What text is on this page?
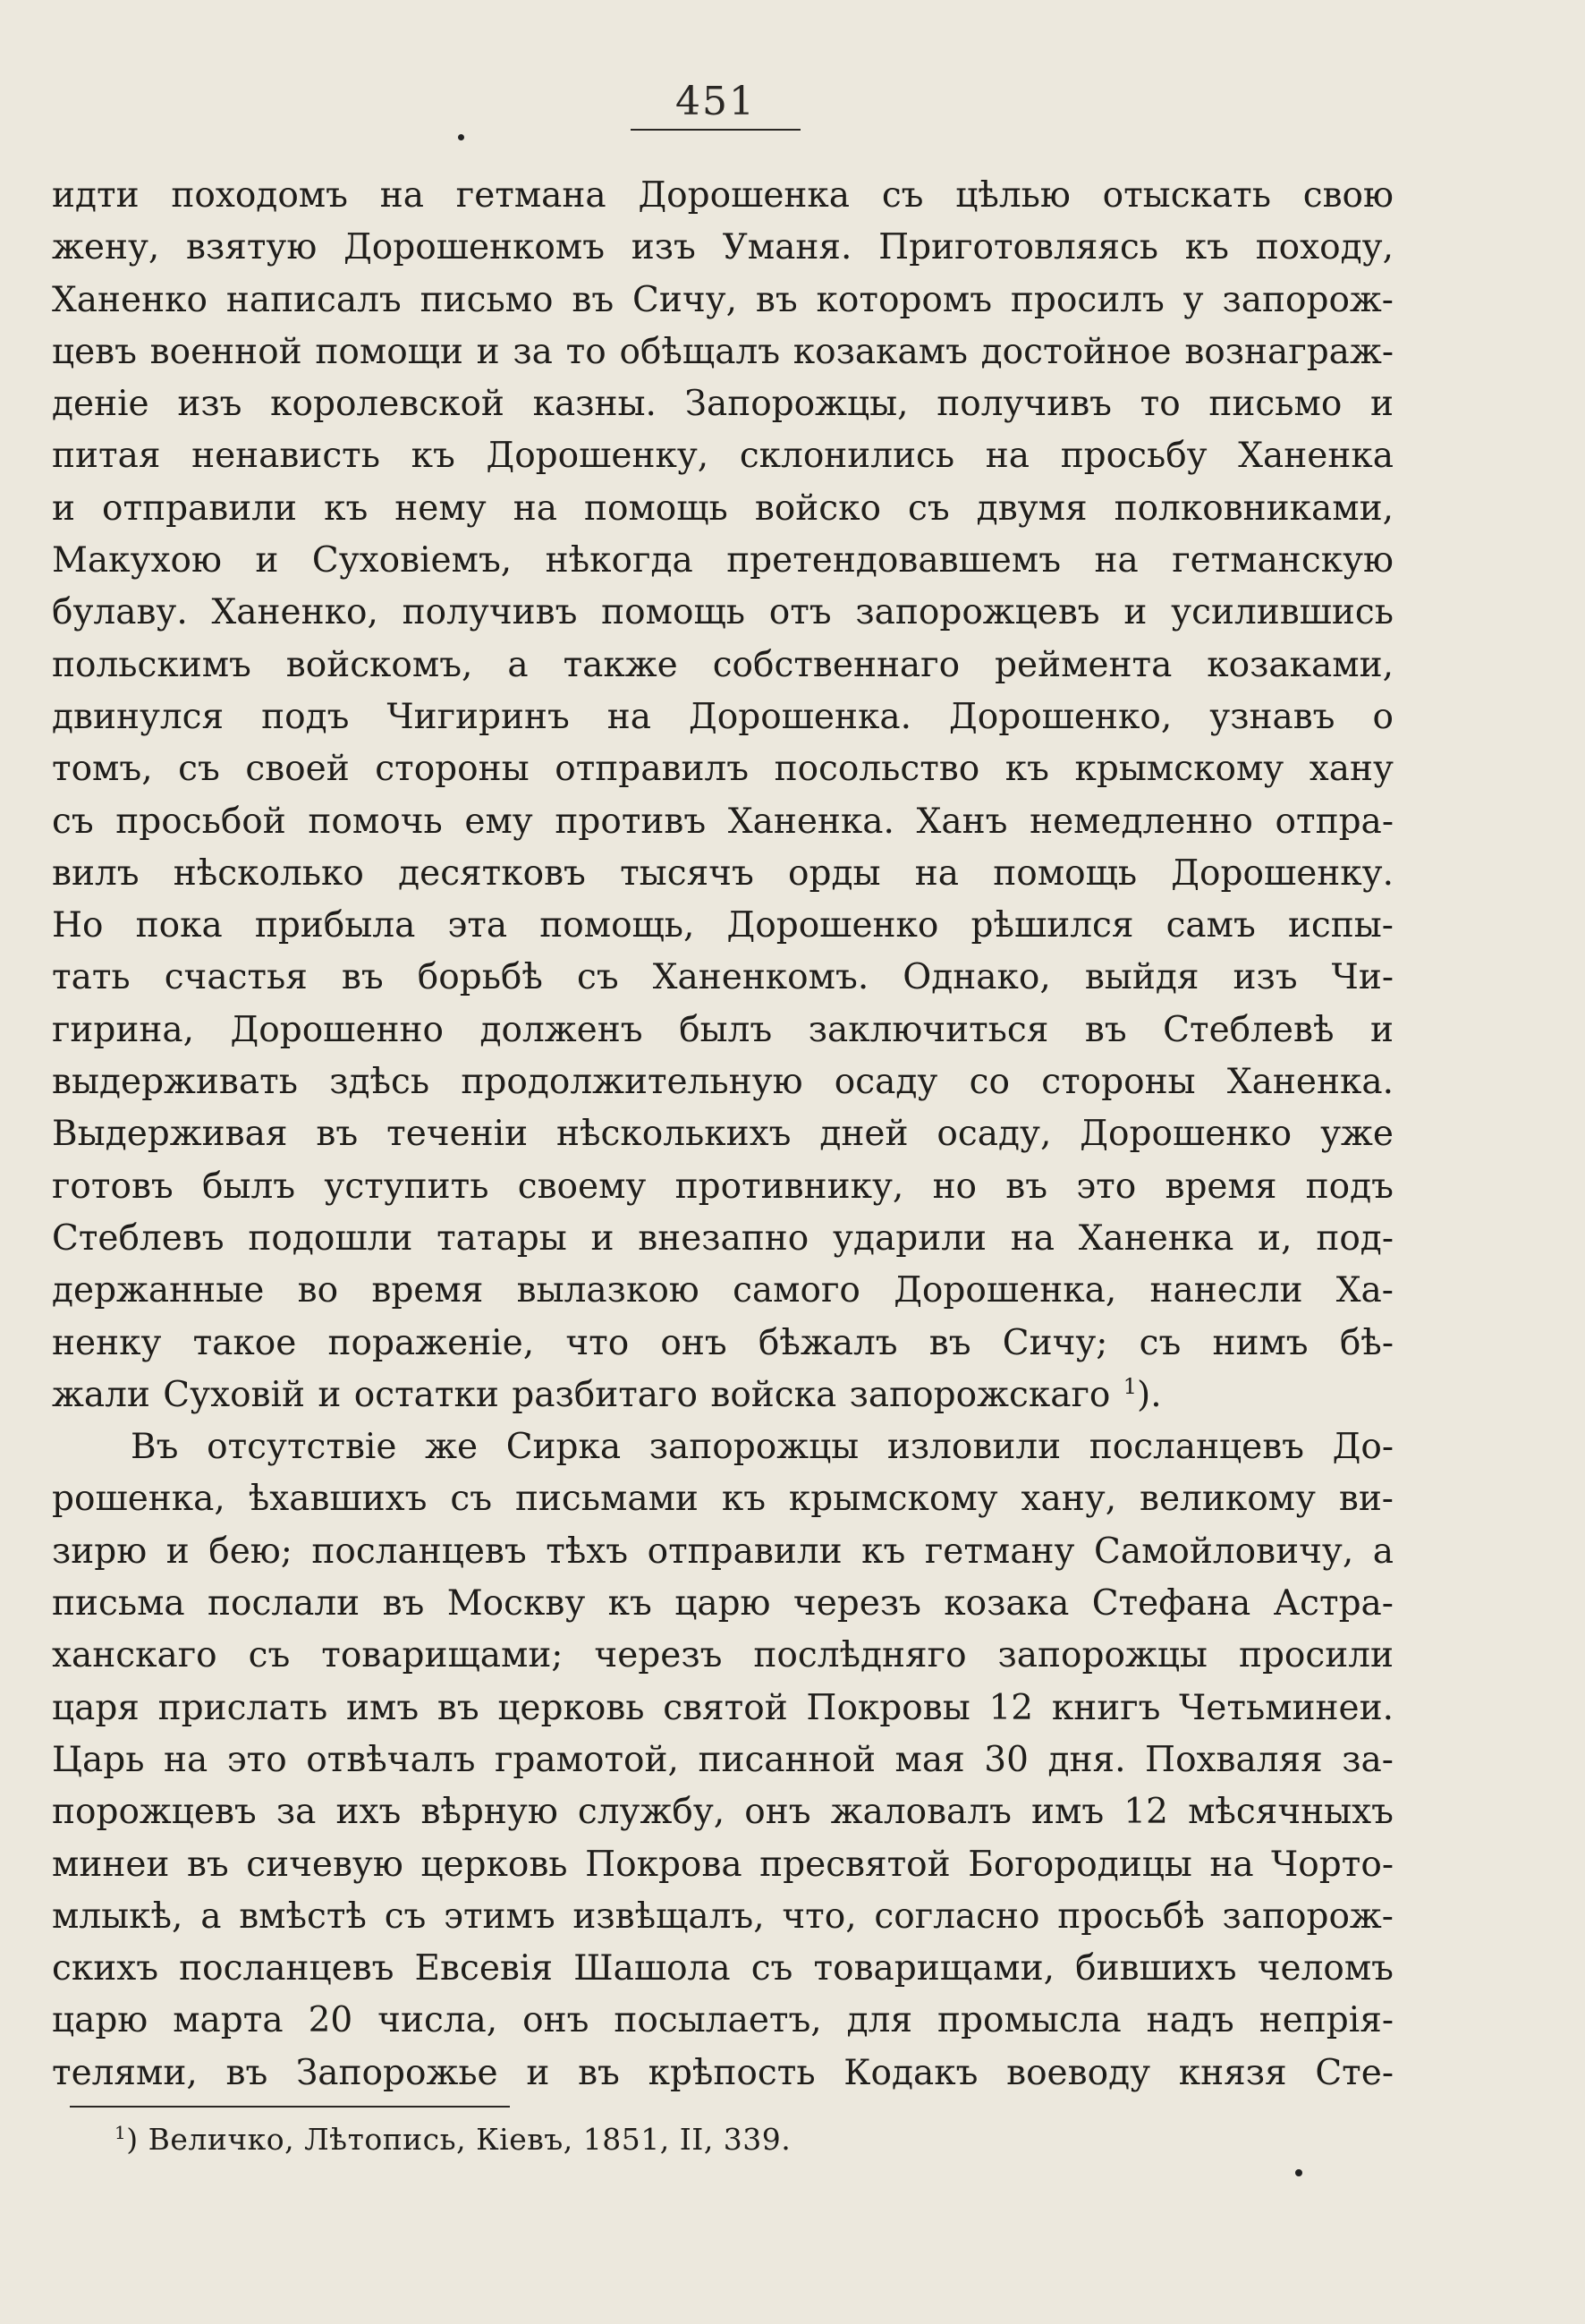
451
идти походомъ на гетмана Дорошенка съ цѣлью отыскать свою
жену, взятую Дорошенкомъ изъ Уманя. Приготовляясь къ походу,
Ханенко написалъ письмо въ Сичу, въ которомъ просилъ у запорож-
цевъ военной помощи и за то обѣщалъ козакамъ достойное вознаграж-
деніе изъ королевской казны. Запорожцы, получивъ то письмо и
питая ненависть къ Дорошенку, склонились на просьбу Ханенка
и отправили къ нему на помощь войско съ двумя полковниками,
Макухою и Суховіемъ, нѣкогда претендовавшемъ на гетманскую
булаву. Ханенко, получивъ помощь отъ запорожцевъ и усилившись
польскимъ войскомъ, а также собственнаго рейментa козаками,
двинулся подъ Чигиринъ на Дорошенка. Дорошенко, узнавъ о
томъ, съ своей стороны отправилъ посольство къ крымскому хану
съ просьбой помочь ему противъ Ханенка. Ханъ немедленно отпра-
вилъ нѣсколько десятковъ тысячъ орды на помощь Дорошенку.
Но пока прибыла эта помощь, Дорошенко рѣшился самъ испы-
тать счастья въ борьбѣ съ Ханенкомъ. Однако, выйдя изъ Чи-
гирина, Дорошенно долженъ былъ заключиться въ Стеблевѣ и
выдерживать здѣсь продолжительную осаду со стороны Ханенка.
Выдерживая въ теченіи нѣсколькихъ дней осаду, Дорошенко уже
готовъ былъ уступить своему противнику, но въ это время подъ
Стеблевъ подошли татары и внезапно ударили на Ханенка и, под-
держанные во время вылазкою самого Дорошенка, нанесли Ха-
ненку такое пораженіе, что онъ бѣжалъ въ Сичу; съ нимъ бѣ-
жали Суховій и остатки разбитаго войска запорожскаго $^1$).
Въ отсутствіе же Сирка запорожцы изловили посланцевъ До-
рошенка, ѣхавшихъ съ письмами къ крымскому хану, великому ви-
зирю и бею; посланцевъ тѣхъ отправили къ гетману Самойловичу, а
письма послали въ Москву къ царю черезъ козака Стефана Астра-
ханскаго съ товарищами; черезъ послѣдняго запорожцы просили
царя прислать имъ въ церковь святой Покровы 12 книгъ Четьминеи.
Царь на это отвѣчалъ грамотой, писанной мая 30 дня. Похваляя за-
порожцевъ за ихъ вѣрную службу, онъ жаловалъ имъ 12 мѣсячныхъ
минеи въ сичевую церковь Покрова пресвятой Богородицы на Чорто-
млыкѣ, а вмѣстѣ съ этимъ извѣщалъ, что, согласно просьбѣ запорож-
скихъ посланцевъ Евсевія Шашола съ товарищами, бившихъ челомъ
царю марта 20 числа, онъ посылаетъ, для промысла надъ непрія-
телями, въ Запорожье и въ крѣпость Кодакъ воеводу князя Сте-
$^1$) Величко, Лѣтопись, Кіевъ, 1851, II, 339.
